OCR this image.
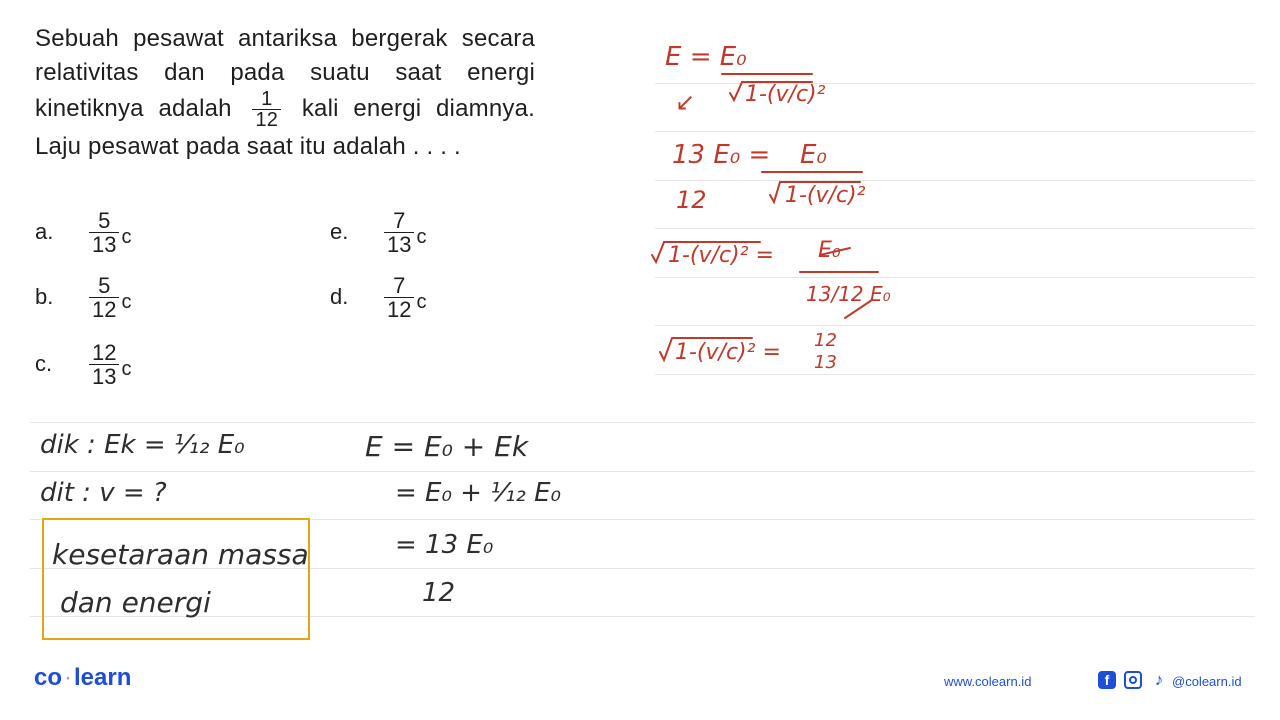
Sebuah pesawat antariksa bergerak secara relativitas dan pada suatu saat energi kinetiknya adalah $\frac{1}{12}$ kali energi diamnya. Laju pesawat pada saat itu adalah . . . .
a.	$\frac{5}{13}$ c	e.	$\frac{7}{13}$ c
b.	$\frac{5}{12}$ c	d.	$\frac{7}{12}$ c
c.	$\frac{12}{13}$ c
E = E₀
↙ 1-(v/c)²
13 E₀ =
12
E₀
1-(v/c)²
1-(v/c)² = E₀
13/12 E₀
1-(v/c)² = 12
13
dik : Ek = ¹⁄₁₂ E₀
dit : v = ?
E = E₀ + Ek
= E₀ + ¹⁄₁₂ E₀
= 13 E₀
12
kesetaraan massa
dan energi
co·learn	www.colearn.id	f	♪ @colearn.id
